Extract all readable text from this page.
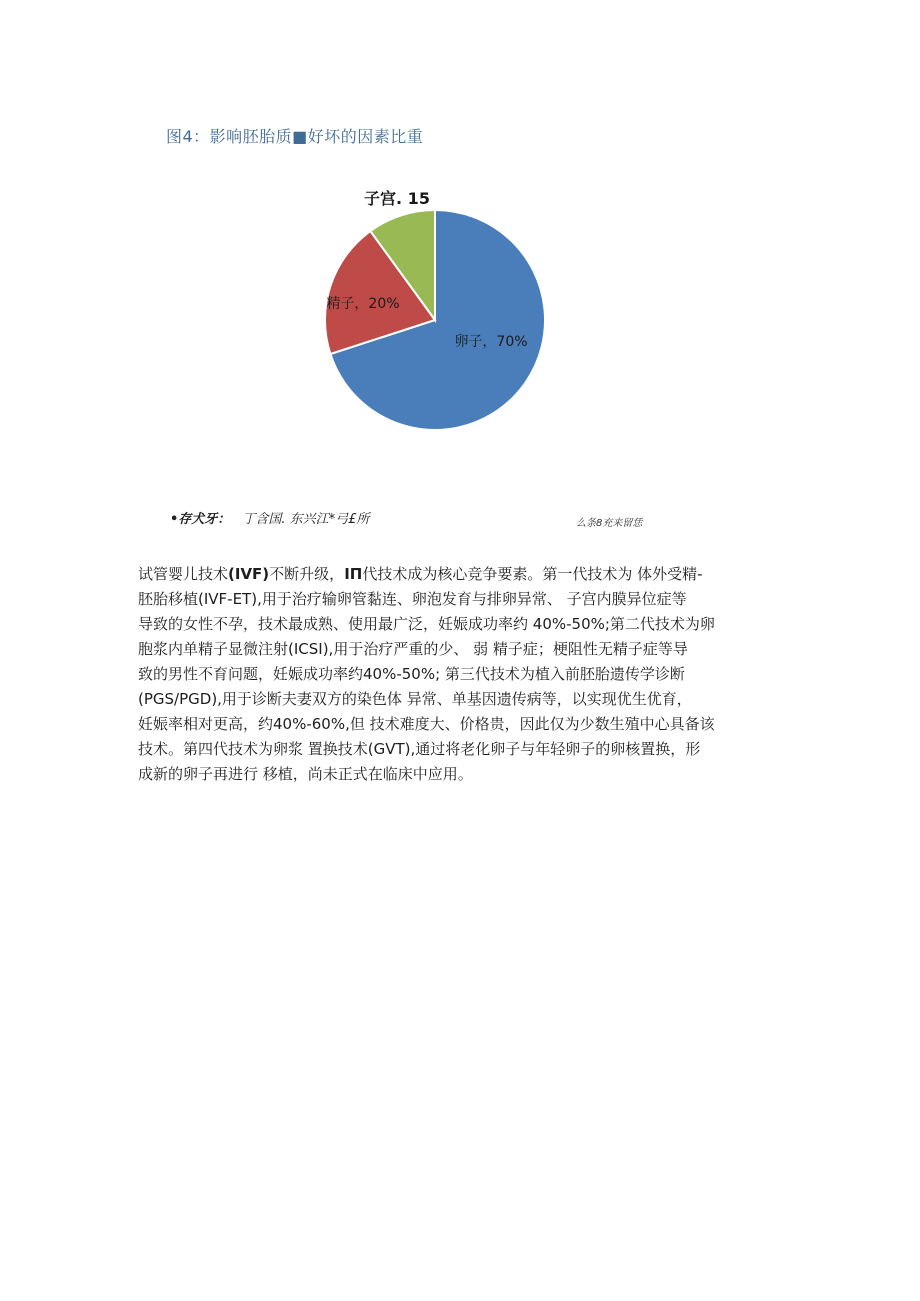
图4：影响胚胎质■好坏的因素比重
卵子，70%
精子，20%
子宫. 15
•存犬牙： 丁含国. 东兴江*弓£所	么条8充来留恁
试管婴儿技术(IVF)不断升级，IП代技术成为核心竞争要素。第一代技术为 体外受精-
胚胎移植(IVF-ET),用于治疗输卵管黏连、卵泡发育与排卵异常、 子宫内膜异位症等
导致的女性不孕，技术最成熟、使用最广泛，妊娠成功率约 40%-50%;第二代技术为卵
胞浆内单精子显微注射(ICSI),用于治疗严重的少、 弱 精子症；梗阻性无精子症等导
致的男性不育问题，妊娠成功率约40%-50%; 第三代技术为植入前胚胎遗传学诊断
(PGS/PGD),用于诊断夫妻双方的染色体 异常、单基因遗传病等，以实现优生优育，
妊娠率相对更高，约40%-60%,但 技术难度大、价格贵，因此仅为少数生殖中心具备该
技术。第四代技术为卵浆 置换技术(GVT),通过将老化卵子与年轻卵子的卵核置换，形
成新的卵子再进行 移植，尚未正式在临床中应用。
